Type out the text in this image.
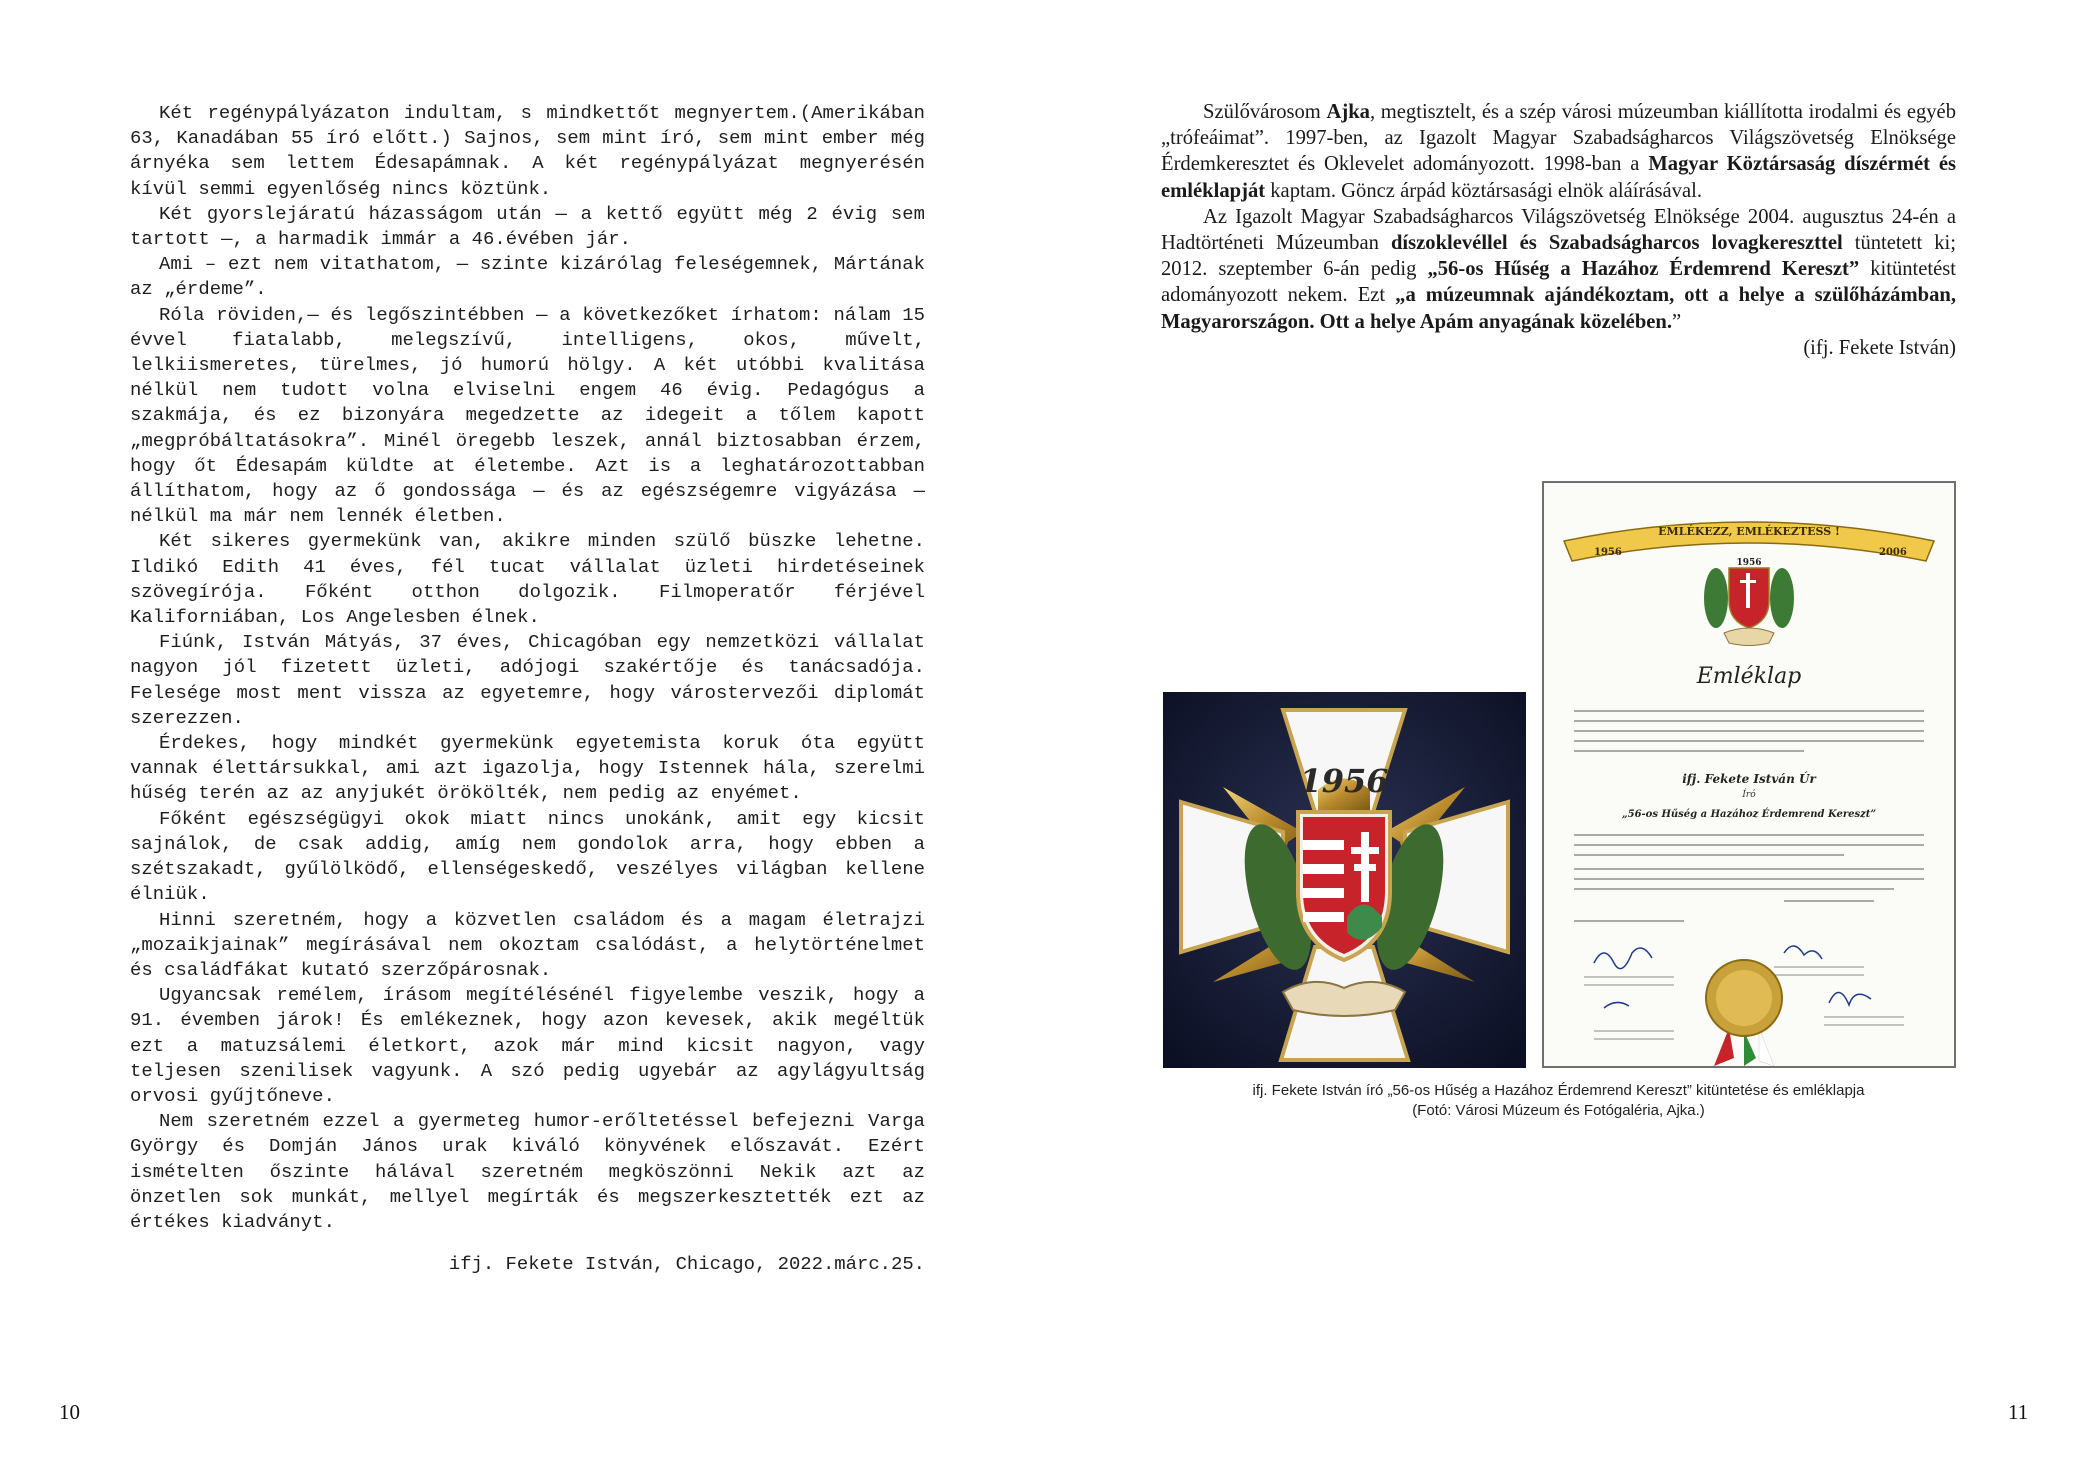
Két regénypályázaton indultam, s mindkettőt megnyertem.(Amerikában 63, Kanadában 55 író előtt.) Sajnos, sem mint író, sem mint ember még árnyéka sem lettem Édesapámnak. A két regénypályázat megnyerésén kívül semmi egyenlőség nincs köztünk.

Két gyorslejáratú házasságom után — a kettő együtt még 2 évig sem tartott —, a harmadik immár a 46.évében jár.

Ami – ezt nem vitathatom, — szinte kizárólag feleségemnek, Mártának az „érdeme”.

Róla röviden,— és legőszintébben — a következőket írhatom: nálam 15 évvel fiatalabb, melegszívű, intelligens, okos, művelt, lelkiismeretes, türelmes, jó humorú hölgy. A két utóbbi kvalitása nélkül nem tudott volna elviselni engem 46 évig. Pedagógus a szakmája, és ez bizonyára megedzette az idegeit a tőlem kapott „megpróbáltatásokra”. Minél öregebb leszek, annál biztosabban érzem, hogy őt Édesapám küldte at életembe. Azt is a leghatározottabban állíthatom, hogy az ő gondossága — és az egészségemre vigyázása — nélkül ma már nem lennék életben.

Két sikeres gyermekünk van, akikre minden szülő büszke lehetne. Ildikó Edith 41 éves, fél tucat vállalat üzleti hirdetéseinek szövegírója. Főként otthon dolgozik. Filmoperatőr férjével Kaliforniában, Los Angelesben élnek.

Fiúnk, István Mátyás, 37 éves, Chicagóban egy nemzetközi vállalat nagyon jól fizetett üzleti, adójogi szakértője és tanácsadója. Felesége most ment vissza az egyetemre, hogy várostervezői diplomát szerezzen.

Érdekes, hogy mindkét gyermekünk egyetemista koruk óta együtt vannak élettársukkal, ami azt igazolja, hogy Istennek hála, szerelmi hűség terén az az anyjukét örökölték, nem pedig az enyémet.

Főként egészségügyi okok miatt nincs unokánk, amit egy kicsit sajnálok, de csak addig, amíg nem gondolok arra, hogy ebben a szétszakadt, gyűlölködő, ellenségeskedő, veszélyes világban kellene élniük.

Hinni szeretném, hogy a közvetlen családom és a magam életrajzi „mozaikjainak” megírásával nem okoztam csalódást, a helytörténelmet és családfákat kutató szerzőpárosnak.

Ugyancsak remélem, írásom megítélésénél figyelembe veszik, hogy a 91. évemben járok! És emlékeznek, hogy azon kevesek, akik megéltük ezt a matuzsálemi életkort, azok már mind kicsit nagyon, vagy teljesen szenilisek vagyunk. A szó pedig ugyebár az agylágyultság orvosi gyűjtőneve.

Nem szeretném ezzel a gyermeteg humor-erőltetéssel befejezni Varga György és Domján János urak kiváló könyvének előszavát. Ezért ismételten őszinte hálával szeretném megköszönni Nekik azt az önzetlen sok munkát, mellyel megírták és megszerkesztették ezt az értékes kiadványt.

ifj. Fekete István, Chicago, 2022.márc.25.
10

Szülővárosom Ajka, megtisztelt, és a szép városi múzeumban kiállította irodalmi és egyéb „trófeáimat”. 1997-ben, az Igazolt Magyar Szabadságharcos Világszövetség Elnöksége Érdemkeresztet és Oklevelet adományozott. 1998-ban a Magyar Köztársaság díszérmét és emléklapját kaptam. Göncz árpád köztársasági elnök aláírásával.

Az Igazolt Magyar Szabadságharcos Világszövetség Elnöksége 2004. augusztus 24-én a Hadtörténeti Múzeumban díszoklevéllel és Szabadságharcos lovagkereszttel tüntetett ki; 2012. szeptember 6-án pedig „56-os Hűség a Hazához Érdemrend Kereszt” kitüntetést adományozott nekem. Ezt „a múzeumnak ajándékoztam, ott a helye a szülőházámban, Magyarországon. Ott a helye Apám anyagának közelében.”

(ifj. Fekete István)

1956
EMLÉKEZZ, EMLÉKEZTESS !
1956	2006
1956
Emléklap
ifj. Fekete István Úr
Író
„56-os Hűség a Hazához Érdemrend Kereszt”
ifj. Fekete István író „56-os Hűség a Hazához Érdemrend Kereszt” kitüntetése és emléklapja
(Fotó: Városi Múzeum és Fotógaléria, Ajka.)
11
